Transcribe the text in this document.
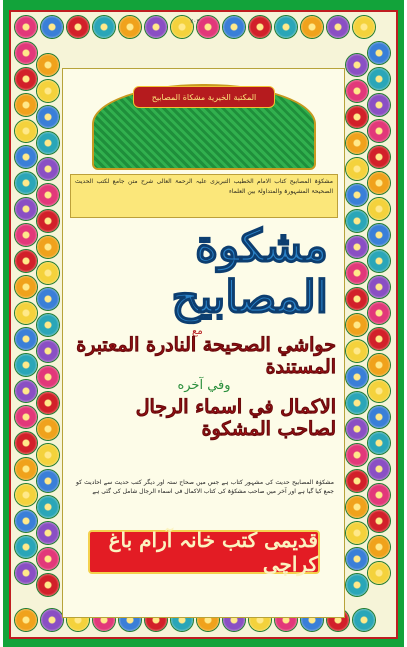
۲۰۳
المكتبة الخيرية مشكاة المصابيح
مشکوٰۃ المصابیح کتاب الامام الخطیب التبریزی علیہ الرحمۃ العالی شرح متن جامع لکتب الحدیث الصحیحۃ المشہورۃ والمتداولۃ بین العلماء
مشكوة المصابيح
مع
حواشي الصحيحة النادرة المعتبرة المستندة
وفي آخره
الاكمال في اسماء الرجال لصاحب المشكوة
مشکوٰۃ المصابیح حدیث کی مشہور کتاب ہے جس میں صحاح ستہ اور دیگر کتب حدیث سے احادیث کو جمع کیا گیا ہے اور آخر میں صاحب مشکوٰۃ کی کتاب الاکمال فی اسماء الرجال شامل کی گئی ہے
قدیمی کتب خانہ آرام باغ کراچی
